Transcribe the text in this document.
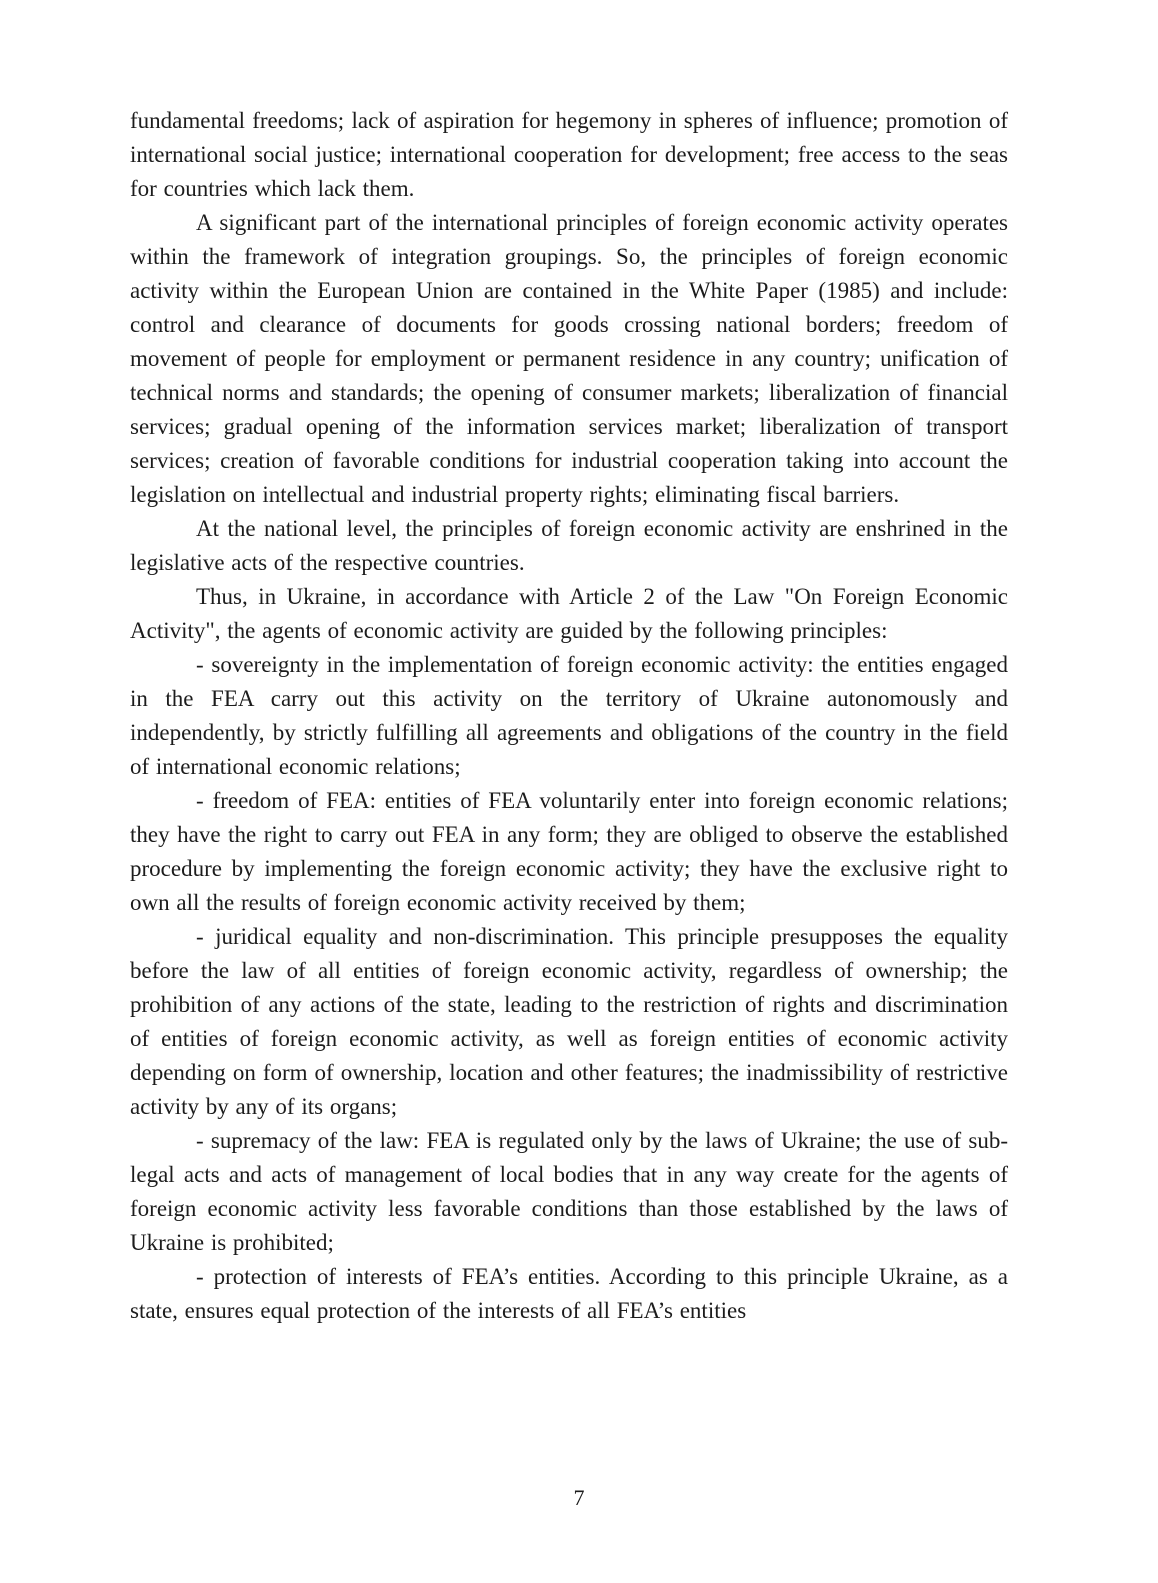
fundamental freedoms; lack of aspiration for hegemony in spheres of influence; promotion of international social justice; international cooperation for development; free access to the seas for countries which lack them.

A significant part of the international principles of foreign economic activity operates within the framework of integration groupings. So, the principles of foreign economic activity within the European Union are contained in the White Paper (1985) and include: control and clearance of documents for goods crossing national borders; freedom of movement of people for employment or permanent residence in any country; unification of technical norms and standards; the opening of consumer markets; liberalization of financial services; gradual opening of the information services market; liberalization of transport services; creation of favorable conditions for industrial cooperation taking into account the legislation on intellectual and industrial property rights; eliminating fiscal barriers.

At the national level, the principles of foreign economic activity are enshrined in the legislative acts of the respective countries.

Thus, in Ukraine, in accordance with Article 2 of the Law "On Foreign Economic Activity", the agents of economic activity are guided by the following principles:

- sovereignty in the implementation of foreign economic activity: the entities engaged in the FEA carry out this activity on the territory of Ukraine autonomously and independently, by strictly fulfilling all agreements and obligations of the country in the field of international economic relations;

- freedom of FEA: entities of FEA voluntarily enter into foreign economic relations; they have the right to carry out FEA in any form; they are obliged to observe the established procedure by implementing the foreign economic activity; they have the exclusive right to own all the results of foreign economic activity received by them;

- juridical equality and non-discrimination. This principle presupposes the equality before the law of all entities of foreign economic activity, regardless of ownership; the prohibition of any actions of the state, leading to the restriction of rights and discrimination of entities of foreign economic activity, as well as foreign entities of economic activity depending on form of ownership, location and other features; the inadmissibility of restrictive activity by any of its organs;

- supremacy of the law: FEA is regulated only by the laws of Ukraine; the use of sub-legal acts and acts of management of local bodies that in any way create for the agents of foreign economic activity less favorable conditions than those established by the laws of Ukraine is prohibited;

- protection of interests of FEA’s entities. According to this principle Ukraine, as a state, ensures equal protection of the interests of all FEA’s entities

7
